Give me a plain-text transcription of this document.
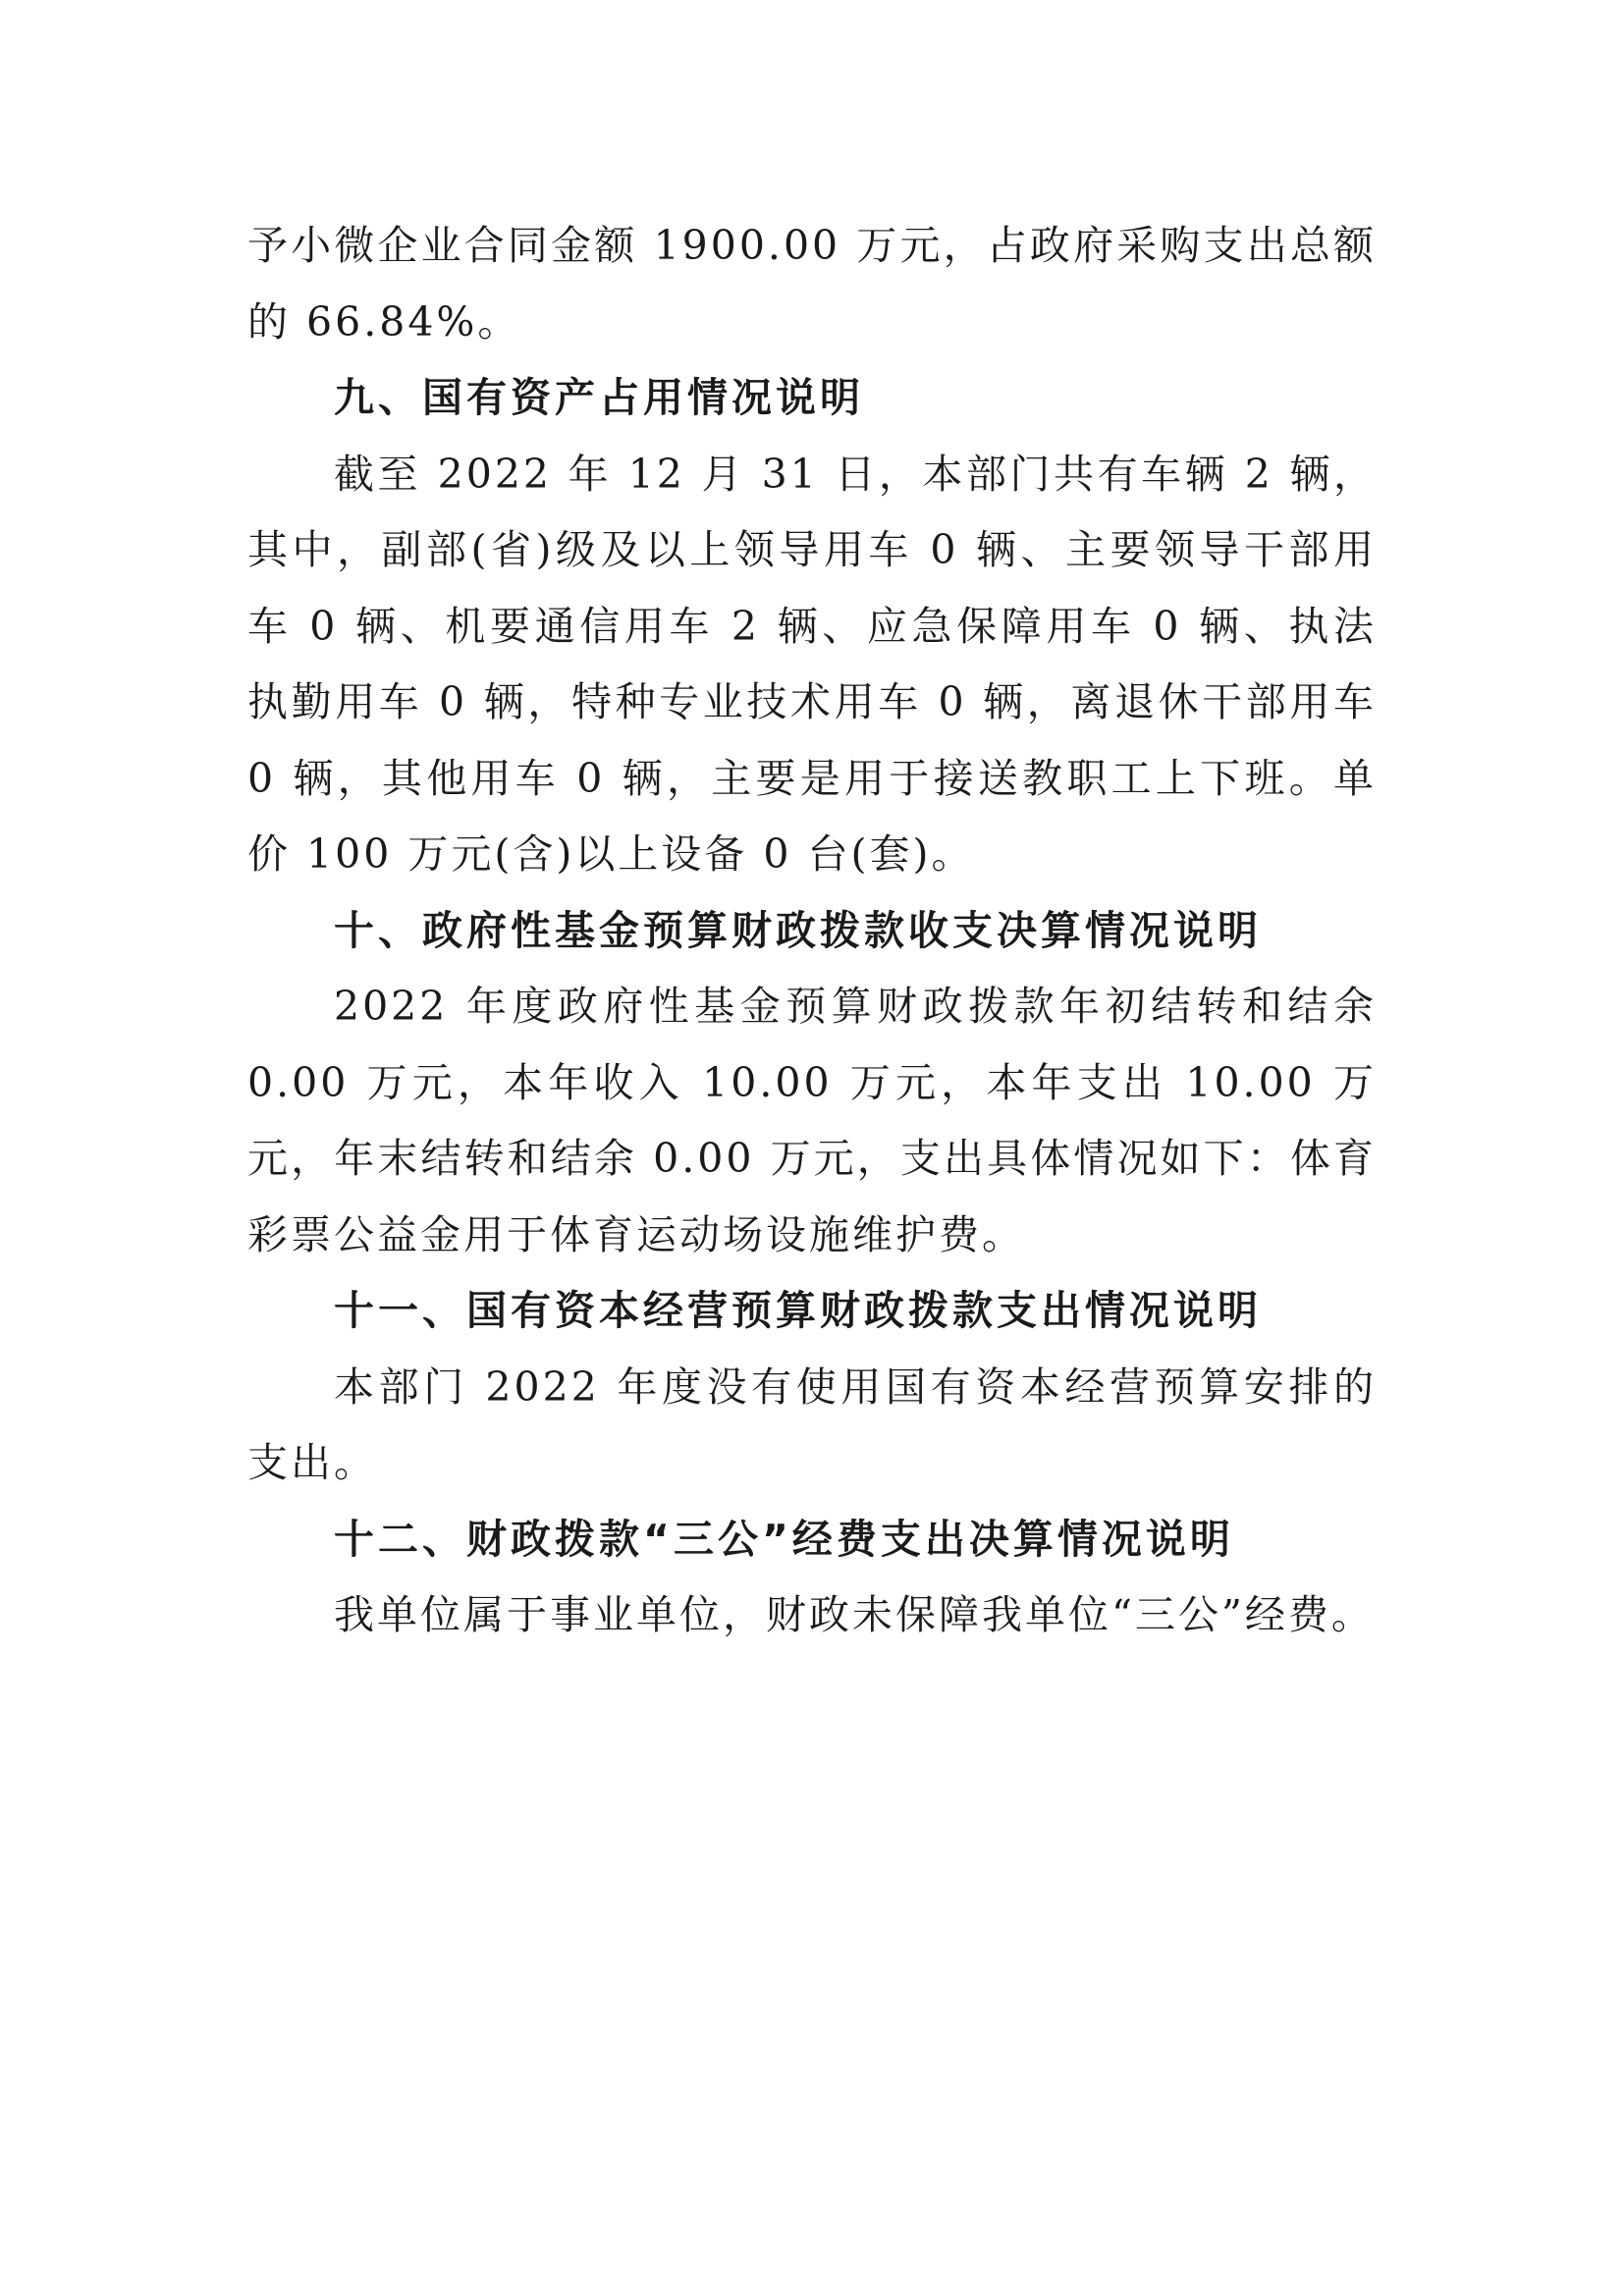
予小微企业合同金额 1900.00 万元，占政府采购支出总额的 66.84%。

九、国有资产占用情况说明

截至 2022 年 12 月 31 日，本部门共有车辆 2 辆，其中，副部(省)级及以上领导用车 0 辆、主要领导干部用车 0 辆、机要通信用车 2 辆、应急保障用车 0 辆、执法执勤用车 0 辆，特种专业技术用车 0 辆，离退休干部用车 0 辆，其他用车 0 辆，主要是用于接送教职工上下班。单价 100 万元(含)以上设备 0 台(套)。

十、政府性基金预算财政拨款收支决算情况说明

2022 年度政府性基金预算财政拨款年初结转和结余 0.00 万元，本年收入 10.00 万元，本年支出 10.00 万元，年末结转和结余 0.00 万元，支出具体情况如下：体育彩票公益金用于体育运动场设施维护费。

十一、国有资本经营预算财政拨款支出情况说明

本部门 2022 年度没有使用国有资本经营预算安排的支出。

十二、财政拨款“三公”经费支出决算情况说明

我单位属于事业单位，财政未保障我单位“三公”经费。
